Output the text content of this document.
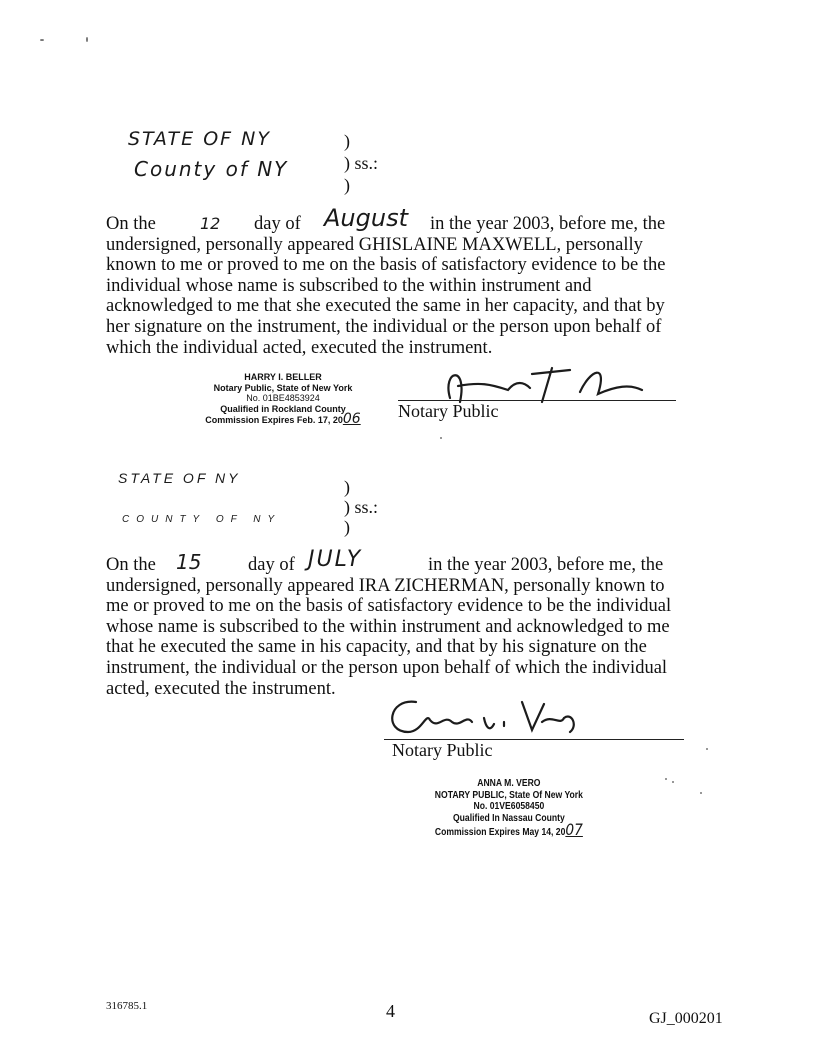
STATE OF NY
County of NY
)
) ss.:
)
On the	12 day of August in the year 2003, before me, the
undersigned, personally appeared GHISLAINE MAXWELL, personally
known to me or proved to me on the basis of satisfactory evidence to be the
individual whose name is subscribed to the within instrument and
acknowledged to me that she executed the same in her capacity, and that by
her signature on the instrument, the individual or the person upon behalf of
which the individual acted, executed the instrument.
HARRY I. BELLER
Notary Public, State of New York
No. 01BE4853924
Qualified in Rockland County
Commission Expires Feb. 17, 2006	Notary Public
STATE OF NY
COUNTY OF NY
)
) ss.:
)
On the 15	day of JULY	in the year 2003, before me, the
undersigned, personally appeared IRA ZICHERMAN, personally known to
me or proved to me on the basis of satisfactory evidence to be the individual
whose name is subscribed to the within instrument and acknowledged to me
that he executed the same in his capacity, and that by his signature on the
instrument, the individual or the person upon behalf of which the individual
acted, executed the instrument.
Notary Public
ANNA M. VERO
NOTARY PUBLIC, State Of New York
No. 01VE6058450
Qualified In Nassau County
Commission Expires May 14, 2007
316785.1	4	GJ_000201
